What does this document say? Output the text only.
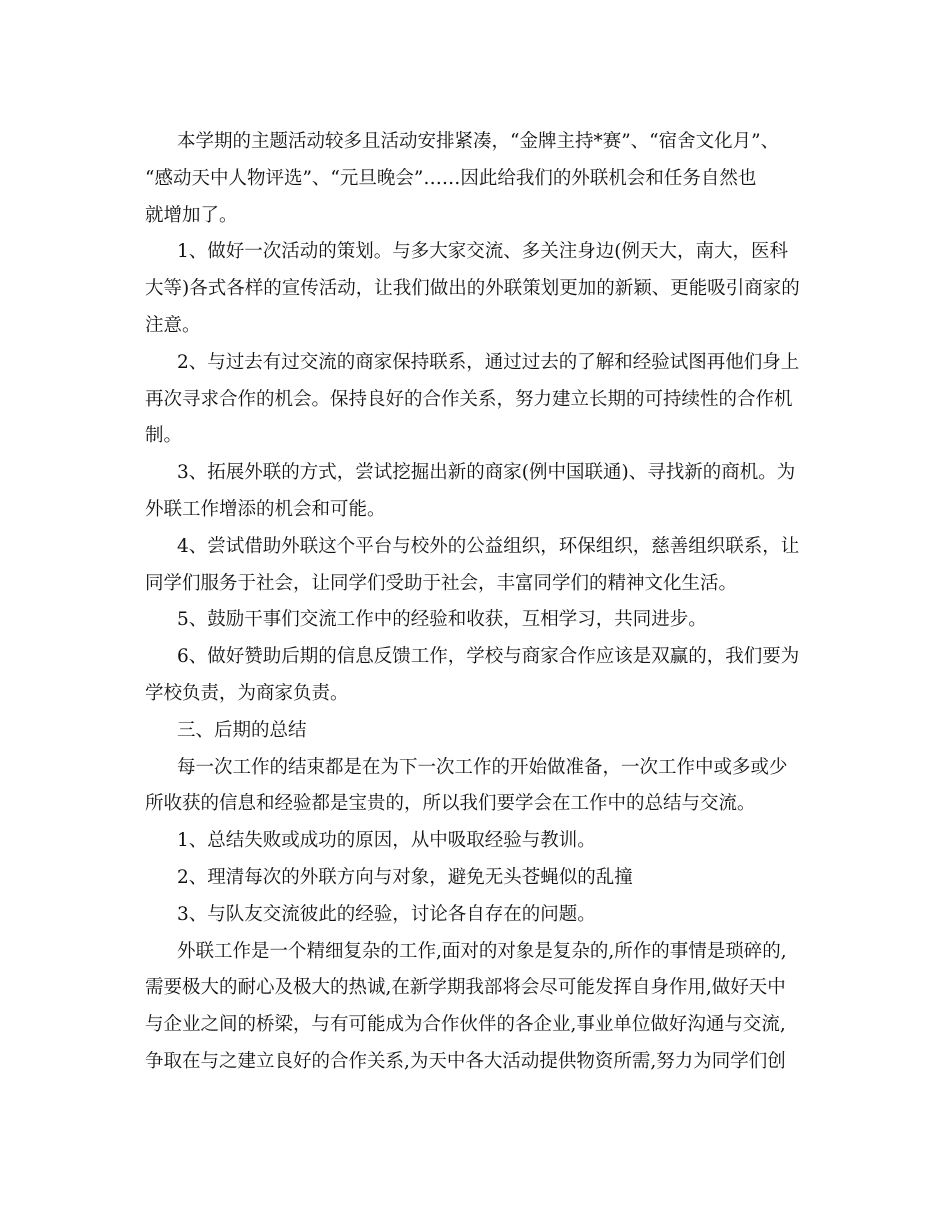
本学期的主题活动较多且活动安排紧凑，“金牌主持*赛”、“宿舍文化月”、
“感动天中人物评选”、“元旦晚会”……因此给我们的外联机会和任务自然也
就增加了。
1、做好一次活动的策划。与多大家交流、多关注身边(例天大，南大，医科
大等)各式各样的宣传活动，让我们做出的外联策划更加的新颖、更能吸引商家的
注意。
2、与过去有过交流的商家保持联系，通过过去的了解和经验试图再他们身上
再次寻求合作的机会。保持良好的合作关系，努力建立长期的可持续性的合作机
制。
3、拓展外联的方式，尝试挖掘出新的商家(例中国联通)、寻找新的商机。为
外联工作增添的机会和可能。
4、尝试借助外联这个平台与校外的公益组织，环保组织，慈善组织联系，让
同学们服务于社会，让同学们受助于社会，丰富同学们的精神文化生活。
5、鼓励干事们交流工作中的经验和收获，互相学习，共同进步。
6、做好赞助后期的信息反馈工作，学校与商家合作应该是双赢的，我们要为
学校负责，为商家负责。
三、后期的总结
每一次工作的结束都是在为下一次工作的开始做准备，一次工作中或多或少
所收获的信息和经验都是宝贵的，所以我们要学会在工作中的总结与交流。
1、总结失败或成功的原因，从中吸取经验与教训。
2、理清每次的外联方向与对象，避免无头苍蝇似的乱撞
3、与队友交流彼此的经验，讨论各自存在的问题。
外联工作是一个精细复杂的工作,面对的对象是复杂的,所作的事情是琐碎的,
需要极大的耐心及极大的热诚,在新学期我部将会尽可能发挥自身作用,做好天中
与企业之间的桥梁，与有可能成为合作伙伴的各企业,事业单位做好沟通与交流,
争取在与之建立良好的合作关系,为天中各大活动提供物资所需,努力为同学们创
